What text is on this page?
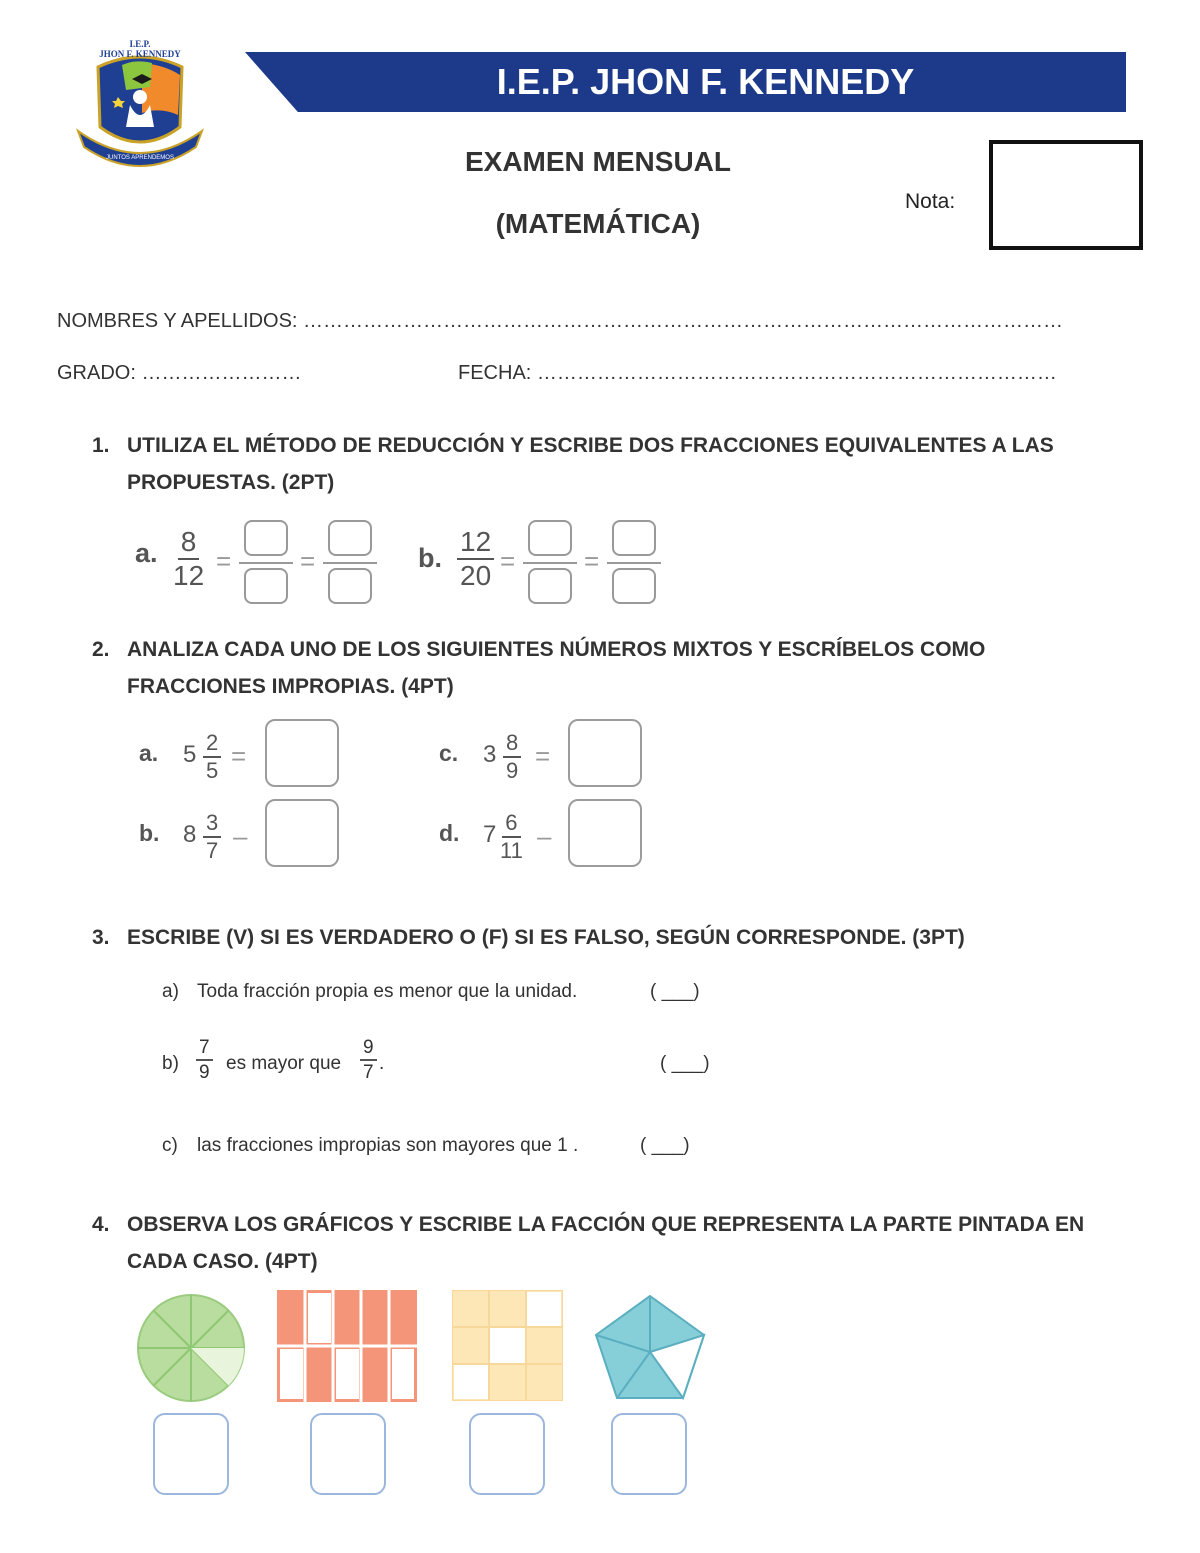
I.E.P.
JHON F. KENNEDY
JUNTOS APRENDEMOS
I.E.P. JHON F. KENNEDY
EXAMEN MENSUAL
(MATEMÁTICA)
Nota:
NOMBRES Y APELLIDOS: ……………………………………………………………………………………………………
GRADO: ……………………	FECHA: ……………………………………………………………………
1. UTILIZA EL MÉTODO DE REDUCCIÓN Y ESCRIBE DOS FRACCIONES EQUIVALENTES A LAS PROPUESTAS. (2PT)
a. $\frac{8}{12}$ =	=	b. $\frac{12}{20}$ =	=
2. ANALIZA CADA UNO DE LOS SIGUIENTES NÚMEROS MIXTOS Y ESCRÍBELOS COMO FRACCIONES IMPROPIAS. (4PT)
a. $5 \frac{2}{5}$ =	c. $3 \frac{8}{9}$ =
b. $8 \frac{3}{7}$ –	d. $7 \frac{6}{11}$ –
3. ESCRIBE (V) SI ES VERDADERO O (F) SI ES FALSO, SEGÚN CORRESPONDE. (3PT)
a) Toda fracción propia es menor que la unidad.	( ___)
$b) \frac{7}{9}$ es mayor que $\frac{9}{7}$ .	( ___)
c) las fracciones impropias son mayores que 1 .	( ___)
4. OBSERVA LOS GRÁFICOS Y ESCRIBE LA FACCIÓN QUE REPRESENTA LA PARTE PINTADA EN CADA CASO. (4PT)
